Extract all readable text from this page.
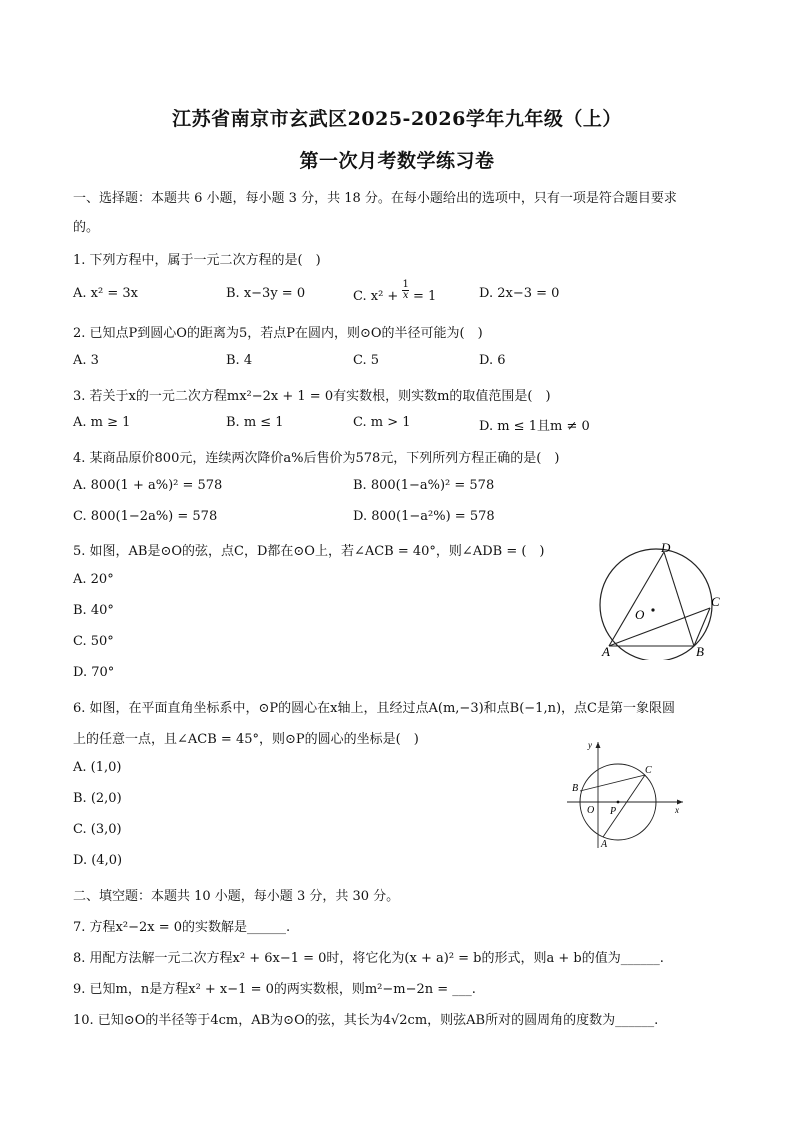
江苏省南京市玄武区2025-2026学年九年级（上）
第一次月考数学练习卷
一、选择题：本题共 6 小题，每小题 3 分，共 18 分。在每小题给出的选项中，只有一项是符合题目要求
的。
1. 下列方程中，属于一元二次方程的是(　)
A. x² = 3x	B. x−3y = 0	C. $x^2 + \frac{1}{x} = 1$	D. 2x−3 = 0
2. 已知点P到圆心O的距离为5，若点P在圆内，则⊙O的半径可能为(　)
A. 3	B. 4	C. 5	D. 6
3. 若关于x的一元二次方程mx²−2x + 1 = 0有实数根，则实数m的取值范围是(　)
A. m ≥ 1	B. m ≤ 1	C. m > 1	D. m ≤ 1且m ≠ 0
4. 某商品原价800元，连续两次降价a%后售价为578元，下列所列方程正确的是(　)
A. 800(1 + a%)² = 578	B. 800(1−a%)² = 578
C. 800(1−2a%) = 578	D. 800(1−a²%) = 578
5. 如图，AB是⊙O的弦，点C，D都在⊙O上，若∠ACB = 40°，则∠ADB = (　)
A. 20°
B. 40°
C. 50°
D. 70°
D
C
O
A	B
6. 如图，在平面直角坐标系中，⊙P的圆心在x轴上，且经过点A(m,−3)和点B(−1,n)，点C是第一象限圆
上的任意一点，且∠ACB = 45°，则⊙P的圆心的坐标是(　)
A. (1,0)
B. (2,0)
C. (3,0)
D. (4,0)
y
x
C
B
O P
A
二、填空题：本题共 10 小题，每小题 3 分，共 30 分。
7. 方程x²−2x = 0的实数解是______.
8. 用配方法解一元二次方程x² + 6x−1 = 0时，将它化为(x + a)² = b的形式，则a + b的值为______.
9. 已知m，n是方程x² + x−1 = 0的两实数根，则m²−m−2n = ___.
10. 已知⊙O的半径等于4cm，AB为⊙O的弦，其长为4√2cm，则弦AB所对的圆周角的度数为______.
